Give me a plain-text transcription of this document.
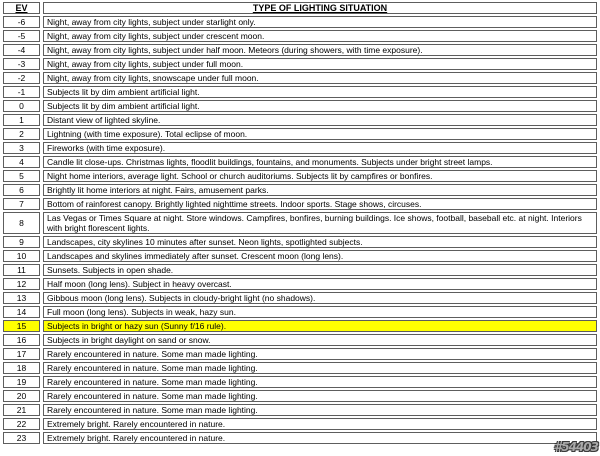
EV	TYPE OF LIGHTING SITUATION
-6	Night, away from city lights, subject under starlight only.
-5	Night, away from city lights, subject under crescent moon.
-4	Night, away from city lights, subject under half moon. Meteors (during showers, with time exposure).
-3	Night, away from city lights, subject under full moon.
-2	Night, away from city lights, snowscape under full moon.
-1	Subjects lit by dim ambient artificial light.
0	Subjects lit by dim ambient artificial light.
1	Distant view of lighted skyline.
2	Lightning (with time exposure). Total eclipse of moon.
3	Fireworks (with time exposure).
4	Candle lit close-ups. Christmas lights, floodlit buildings, fountains, and monuments. Subjects under bright street lamps.
5	Night home interiors, average light. School or church auditoriums. Subjects lit by campfires or bonfires.
6	Brightly lit home interiors at night. Fairs, amusement parks.
7	Bottom of rainforest canopy. Brightly lighted nighttime streets. Indoor sports. Stage shows, circuses.
8	Las Vegas or Times Square at night. Store windows. Campfires, bonfires, burning buildings. Ice shows, football, baseball etc. at night. Interiors with bright florescent lights.
9	Landscapes, city skylines 10 minutes after sunset. Neon lights, spotlighted subjects.
10	Landscapes and skylines immediately after sunset. Crescent moon (long lens).
11	Sunsets. Subjects in open shade.
12	Half moon (long lens). Subject in heavy overcast.
13	Gibbous moon (long lens). Subjects in cloudy-bright light (no shadows).
14	Full moon (long lens). Subjects in weak, hazy sun.
15	Subjects in bright or hazy sun (Sunny f/16 rule).
16	Subjects in bright daylight on sand or snow.
17	Rarely encountered in nature. Some man made lighting.
18	Rarely encountered in nature. Some man made lighting.
19	Rarely encountered in nature. Some man made lighting.
20	Rarely encountered in nature. Some man made lighting.
21	Rarely encountered in nature. Some man made lighting.
22	Extremely bright. Rarely encountered in nature.
23	Extremely bright. Rarely encountered in nature.
#54403
